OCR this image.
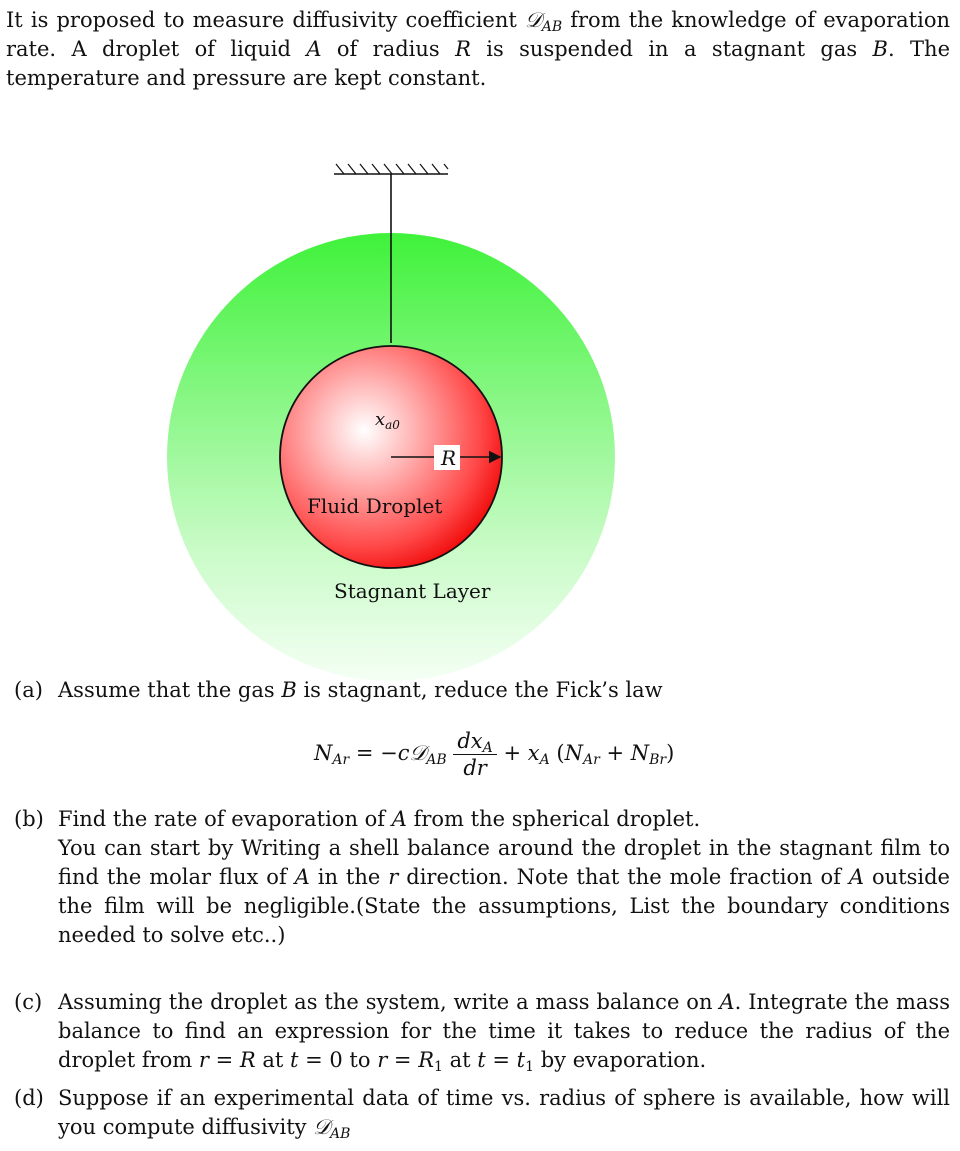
It is proposed to measure diffusivity coefficient 𝒟$_{AB}$ from the knowledge of evaporation rate. A droplet of liquid A of radius R is suspended in a stagnant gas B. The temperature and pressure are kept constant.
$x_{a0}$
R
Fluid Droplet
Stagnant Layer
(a) Assume that the gas B is stagnant, reduce the Fick’s law
$N_{Ar}$ = −c𝒟$_{AB}$ $\frac{dx_A}{dr} + x_A$ $(N_{Ar} + N_{Br})$
(b) Find the rate of evaporation of A from the spherical droplet.
You can start by Writing a shell balance around the droplet in the stagnant film to find the molar flux of A in the r direction. Note that the mole fraction of A outside the film will be negligible.(State the assumptions, List the boundary conditions needed to solve etc..)
(c) Assuming the droplet as the system, write a mass balance on A. Integrate the mass balance to find an expression for the time it takes to reduce the radius of the droplet from r = R at t = 0 to $r = R_1$ at $t = t_1$ by evaporation.
(d) Suppose if an experimental data of time vs. radius of sphere is available, how will you compute diffusivity 𝒟$_{AB}$
